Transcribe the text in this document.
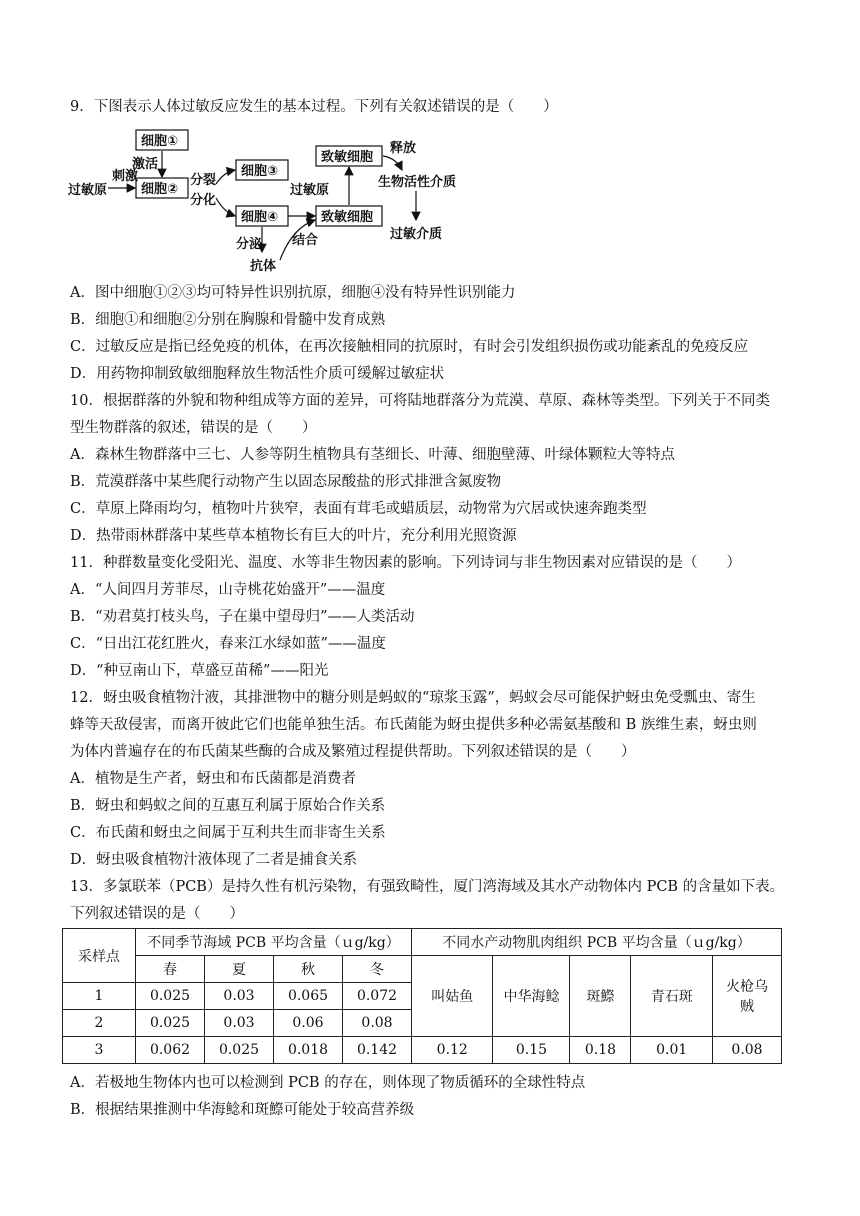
9．下图表示人体过敏反应发生的基本过程。下列有关叙述错误的是（　　）
细胞①
细胞②
细胞③
细胞④
致敏细胞
致敏细胞
过敏原
刺激
激活
分裂
分化
分泌
抗体
结合
过敏原
释放
生物活性介质
过敏介质
A．图中细胞①②③均可特异性识别抗原，细胞④没有特异性识别能力
B．细胞①和细胞②分别在胸腺和骨髓中发育成熟
C．过敏反应是指已经免疫的机体，在再次接触相同的抗原时，有时会引发组织损伤或功能紊乱的免疫反应
D．用药物抑制致敏细胞释放生物活性介质可缓解过敏症状
10．根据群落的外貌和物种组成等方面的差异，可将陆地群落分为荒漠、草原、森林等类型。下列关于不同类
型生物群落的叙述，错误的是（　　）
A．森林生物群落中三七、人参等阴生植物具有茎细长、叶薄、细胞壁薄、叶绿体颗粒大等特点
B．荒漠群落中某些爬行动物产生以固态尿酸盐的形式排泄含氮废物
C．草原上降雨均匀，植物叶片狭窄，表面有茸毛或蜡质层，动物常为穴居或快速奔跑类型
D．热带雨林群落中某些草本植物长有巨大的叶片，充分利用光照资源
11．种群数量变化受阳光、温度、水等非生物因素的影响。下列诗词与非生物因素对应错误的是（　　）
A．“人间四月芳菲尽，山寺桃花始盛开”——温度
B．“劝君莫打枝头鸟，子在巢中望母归”——人类活动
C．“日出江花红胜火，春来江水绿如蓝”——温度
D．“种豆南山下，草盛豆苗稀”——阳光
12．蚜虫吸食植物汁液，其排泄物中的糖分则是蚂蚁的“琼浆玉露”，蚂蚁会尽可能保护蚜虫免受瓢虫、寄生
蜂等天敌侵害，而离开彼此它们也能单独生活。布氏菌能为蚜虫提供多种必需氨基酸和 B 族维生素，蚜虫则
为体内普遍存在的布氏菌某些酶的合成及繁殖过程提供帮助。下列叙述错误的是（　　）
A．植物是生产者，蚜虫和布氏菌都是消费者
B．蚜虫和蚂蚁之间的互惠互利属于原始合作关系
C．布氏菌和蚜虫之间属于互利共生而非寄生关系
D．蚜虫吸食植物汁液体现了二者是捕食关系
13．多氯联苯（PCB）是持久性有机污染物，有强致畸性，厦门湾海域及其水产动物体内 PCB 的含量如下表。
下列叙述错误的是（　　）
采样点	不同季节海域 PCB 平均含量（ｕg/kg）				不同水产动物肌肉组织 PCB 平均含量（ｕg/kg）				
	春	夏	秋	冬	叫姑鱼	中华海鲶	斑鰶	青石斑	火枪乌贼
1	0.025	0.03	0.065	0.072					
2	0.025	0.03	0.06	0.08					
3	0.062	0.025	0.018	0.142	0.12	0.15	0.18	0.01	0.08
A．若极地生物体内也可以检测到 PCB 的存在，则体现了物质循环的全球性特点
B．根据结果推测中华海鲶和斑鰶可能处于较高营养级
